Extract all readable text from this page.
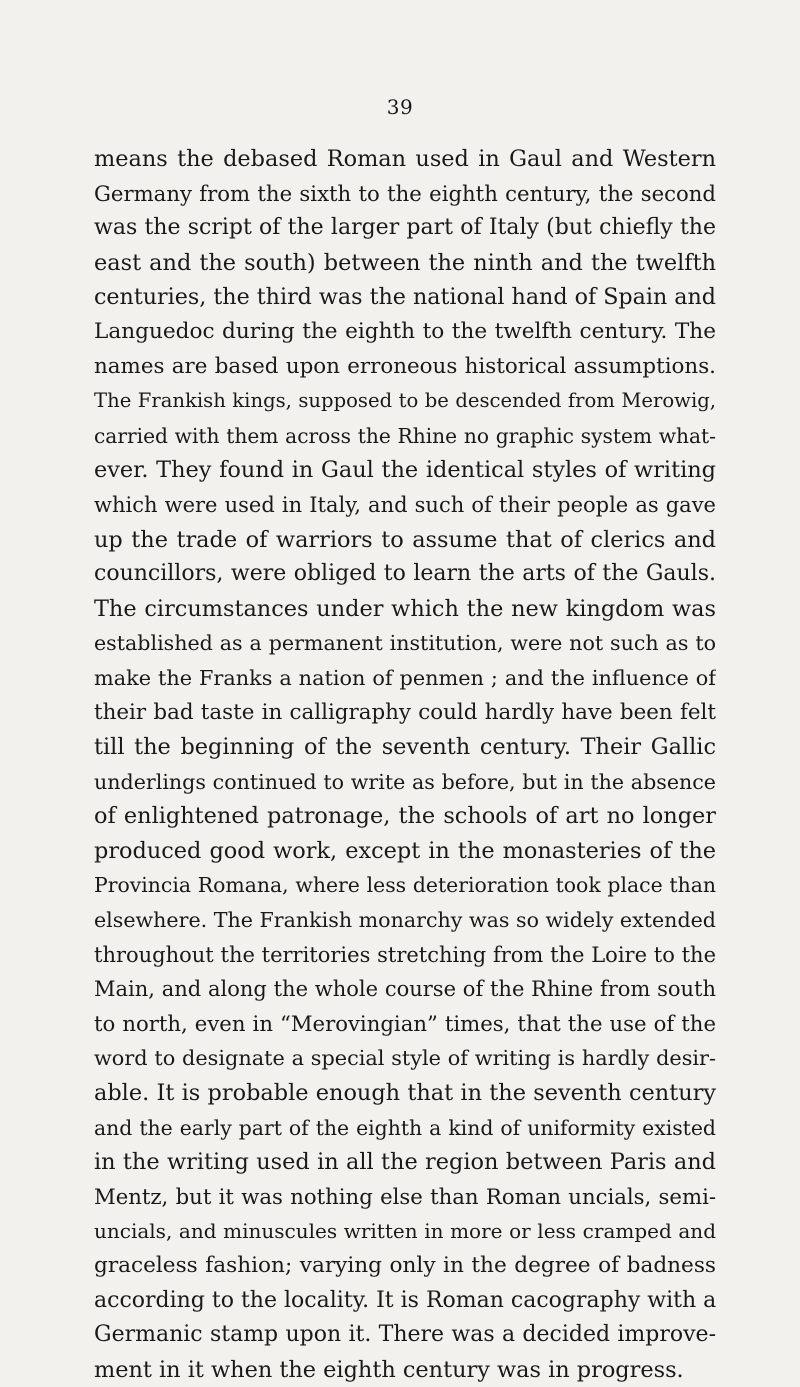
39
means the debased Roman used in Gaul and Western
Germany from the sixth to the eighth century, the second
was the script of the larger part of Italy (but chiefly the
east and the south) between the ninth and the twelfth
centuries, the third was the national hand of Spain and
Languedoc during the eighth to the twelfth century. The
names are based upon erroneous historical assumptions.
The Frankish kings, supposed to be descended from Merowig,
carried with them across the Rhine no graphic system what-
ever. They found in Gaul the identical styles of writing
which were used in Italy, and such of their people as gave
up the trade of warriors to assume that of clerics and
councillors, were obliged to learn the arts of the Gauls.
The circumstances under which the new kingdom was
established as a permanent institution, were not such as to
make the Franks a nation of penmen ; and the influence of
their bad taste in calligraphy could hardly have been felt
till the beginning of the seventh century. Their Gallic
underlings continued to write as before, but in the absence
of enlightened patronage, the schools of art no longer
produced good work, except in the monasteries of the
Provincia Romana, where less deterioration took place than
elsewhere. The Frankish monarchy was so widely extended
throughout the territories stretching from the Loire to the
Main, and along the whole course of the Rhine from south
to north, even in “Merovingian” times, that the use of the
word to designate a special style of writing is hardly desir-
able. It is probable enough that in the seventh century
and the early part of the eighth a kind of uniformity existed
in the writing used in all the region between Paris and
Mentz, but it was nothing else than Roman uncials, semi-
uncials, and minuscules written in more or less cramped and
graceless fashion; varying only in the degree of badness
according to the locality. It is Roman cacography with a
Germanic stamp upon it. There was a decided improve-
ment in it when the eighth century was in progress.
